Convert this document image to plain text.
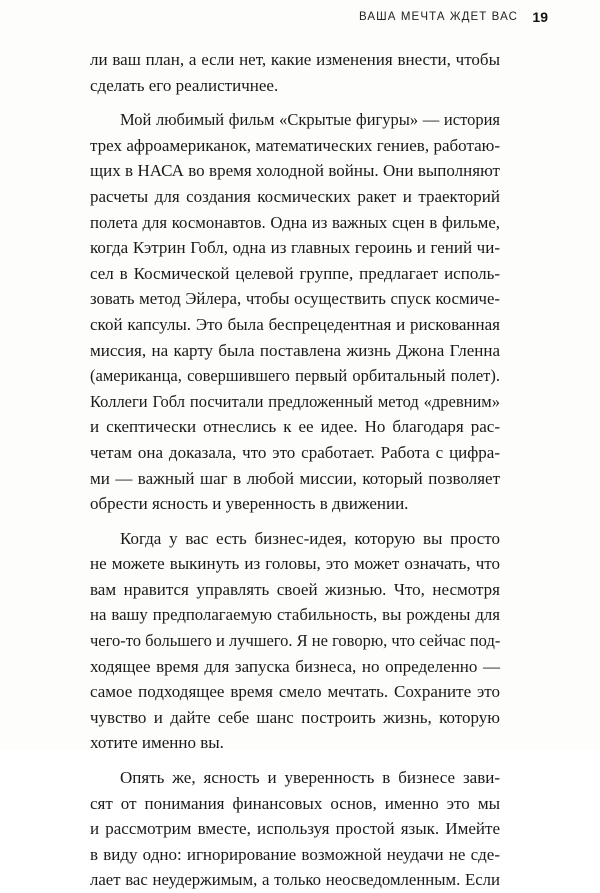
ВАША МЕЧТА ЖДЕТ ВАС 19
ли ваш план, а если нет, какие изменения внести, чтобы
сделать его реалистичнее.
Мой любимый фильм «Скрытые фигуры» — история
трех афроамериканок, математических гениев, работаю-
щих в НАСА во время холодной войны. Они выполняют
расчеты для создания космических ракет и траекторий
полета для космонавтов. Одна из важных сцен в фильме,
когда Кэтрин Гобл, одна из главных героинь и гений чи-
сел в Космической целевой группе, предлагает исполь-
зовать метод Эйлера, чтобы осуществить спуск космиче-
ской капсулы. Это была беспрецедентная и рискованная
миссия, на карту была поставлена жизнь Джона Гленна
(американца, совершившего первый орбитальный полет).
Коллеги Гобл посчитали предложенный метод «древним»
и скептически отнеслись к ее идее. Но благодаря рас-
четам она доказала, что это сработает. Работа с цифра-
ми — важный шаг в любой миссии, который позволяет
обрести ясность и уверенность в движении.
Когда у вас есть бизнес-идея, которую вы просто
не можете выкинуть из головы, это может означать, что
вам нравится управлять своей жизнью. Что, несмотря
на вашу предполагаемую стабильность, вы рождены для
чего-то большего и лучшего. Я не говорю, что сейчас под-
ходящее время для запуска бизнеса, но определенно —
самое подходящее время смело мечтать. Сохраните это
чувство и дайте себе шанс построить жизнь, которую
хотите именно вы.
Опять же, ясность и уверенность в бизнесе зави-
сят от понимания финансовых основ, именно это мы
и рассмотрим вместе, используя простой язык. Имейте
в виду одно: игнорирование возможной неудачи не сде-
лает вас неудержимым, а только неосведомленным. Если
